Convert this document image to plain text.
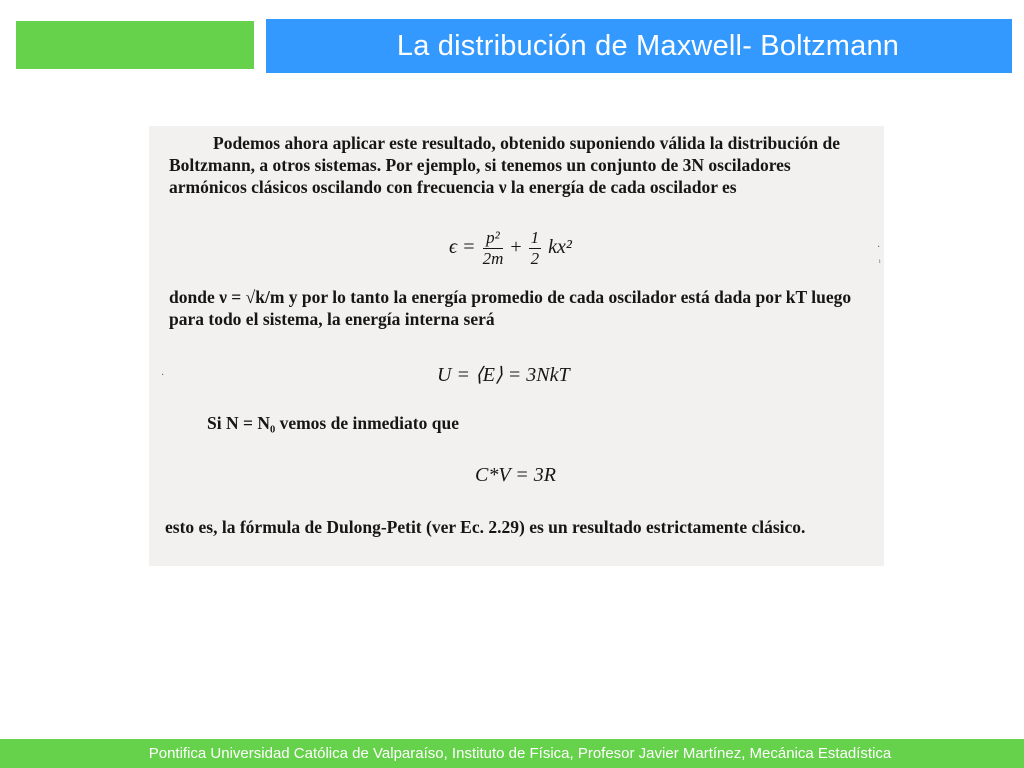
La distribución de Maxwell- Boltzmann

Podemos ahora aplicar este resultado, obtenido suponiendo válida la distribución de Boltzmann, a otros sistemas. Por ejemplo, si tenemos un conjunto de 3N osciladores armónicos clásicos oscilando con frecuencia ν la energía de cada oscilador es

$\epsilon = \frac{\text{p²}}{2m} + \frac{1}{2} kx^2$

donde ν = √k/m y por lo tanto la energía promedio de cada oscilador está dada por kT luego para todo el sistema, la energía interna será

U = ⟨E⟩ = 3NkT

Si N = N₀ vemos de inmediato que

C*V = 3R

esto es, la fórmula de Dulong-Petit (ver Ec. 2.29) es un resultado estrictamente clásico.

·
ᵢ
·
Pontifica Universidad Católica de Valparaíso, Instituto de Física, Profesor Javier Martínez, Mecánica Estadística
